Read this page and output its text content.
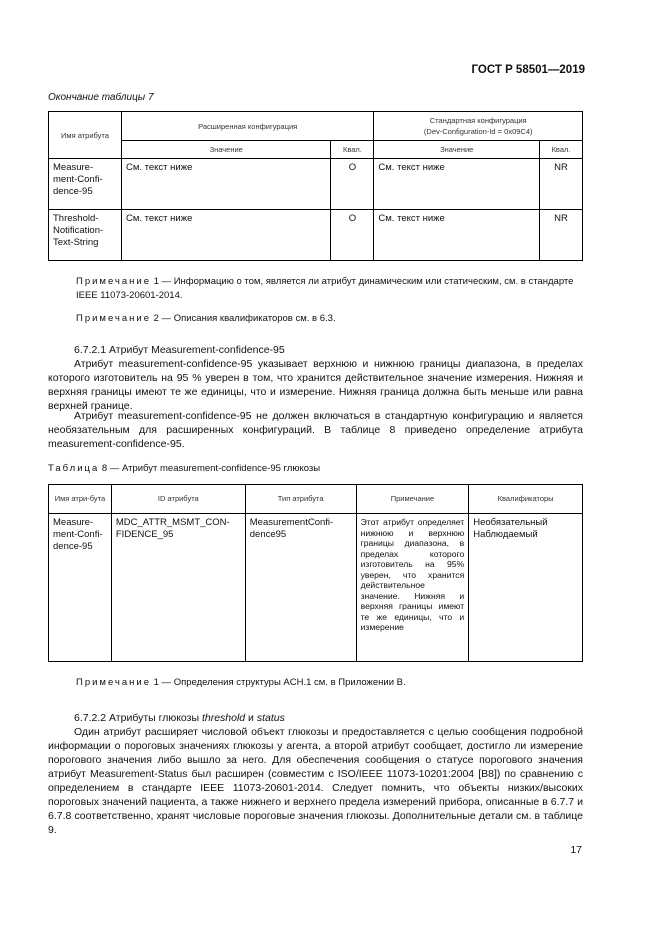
ГОСТ Р 58501—2019
Окончание таблицы 7
Имя атрибута	Расширенная конфигурация		Стандартная конфигурация
(Dev-Configuration-Id = 0x09C4)	
	Значение	Квал.	Значение	Квал.
Measure-ment-Confi-dence-95	См. текст ниже	O	См. текст ниже	NR
Threshold-Notification-Text-String	См. текст ниже	O	См. текст ниже	NR
Примечание 1 — Информацию о том, является ли атрибут динамическим или статическим, см. в стандарте IEEE 11073-20601-2014.
Примечание 2 — Описания квалификаторов см. в 6.3.
6.7.2.1 Атрибут Measurement-confidence-95
Атрибут measurement-confidence-95 указывает верхнюю и нижнюю границы диапазона, в пределах которого изготовитель на 95 % уверен в том, что хранится действительное значение измерения. Нижняя и верхняя границы имеют те же единицы, что и измерение. Нижняя граница должна быть меньше или равна верхней границе.
Атрибут measurement-confidence-95 не должен включаться в стандартную конфигурацию и является необязательным для расширенных конфигураций. В таблице 8 приведено определение атрибута measurement-confidence-95.
Таблица 8 — Атрибут measurement-confidence-95 глюкозы
Имя атри-бута	ID атрибута	Тип атрибута	Примечание	Квалификаторы
Measure-ment-Confi-dence-95	MDC_ATTR_MSMT_CON-FIDENCE_95	MeasurementConfi-dence95	Этот атрибут определяет нижнюю и верхнюю границы диапазона, в пределах которого изготовитель на 95% уверен, что хранится действительное значение. Нижняя и верхняя границы имеют те же единицы, что и измерение	Необязательный Наблюдаемый
Примечание 1 — Определения структуры ACH.1 см. в Приложении B.
6.7.2.2 Атрибуты глюкозы threshold и status
Один атрибут расширяет числовой объект глюкозы и предоставляется с целью сообщения подробной информации о пороговых значениях глюкозы у агента, а второй атрибут сообщает, достигло ли измерение порогового значения либо вышло за него. Для обеспечения сообщения о статусе порогового значения атрибут Measurement-Status был расширен (совместим с ISO/IEEE 11073-10201:2004 [B8]) по сравнению с определением в стандарте IEEE 11073-20601-2014. Следует помнить, что объекты низких/высоких пороговых значений пациента, а также нижнего и верхнего предела измерений прибора, описанные в 6.7.7 и 6.7.8 соответственно, хранят числовые пороговые значения глюкозы. Дополнительные детали см. в таблице 9.
17
